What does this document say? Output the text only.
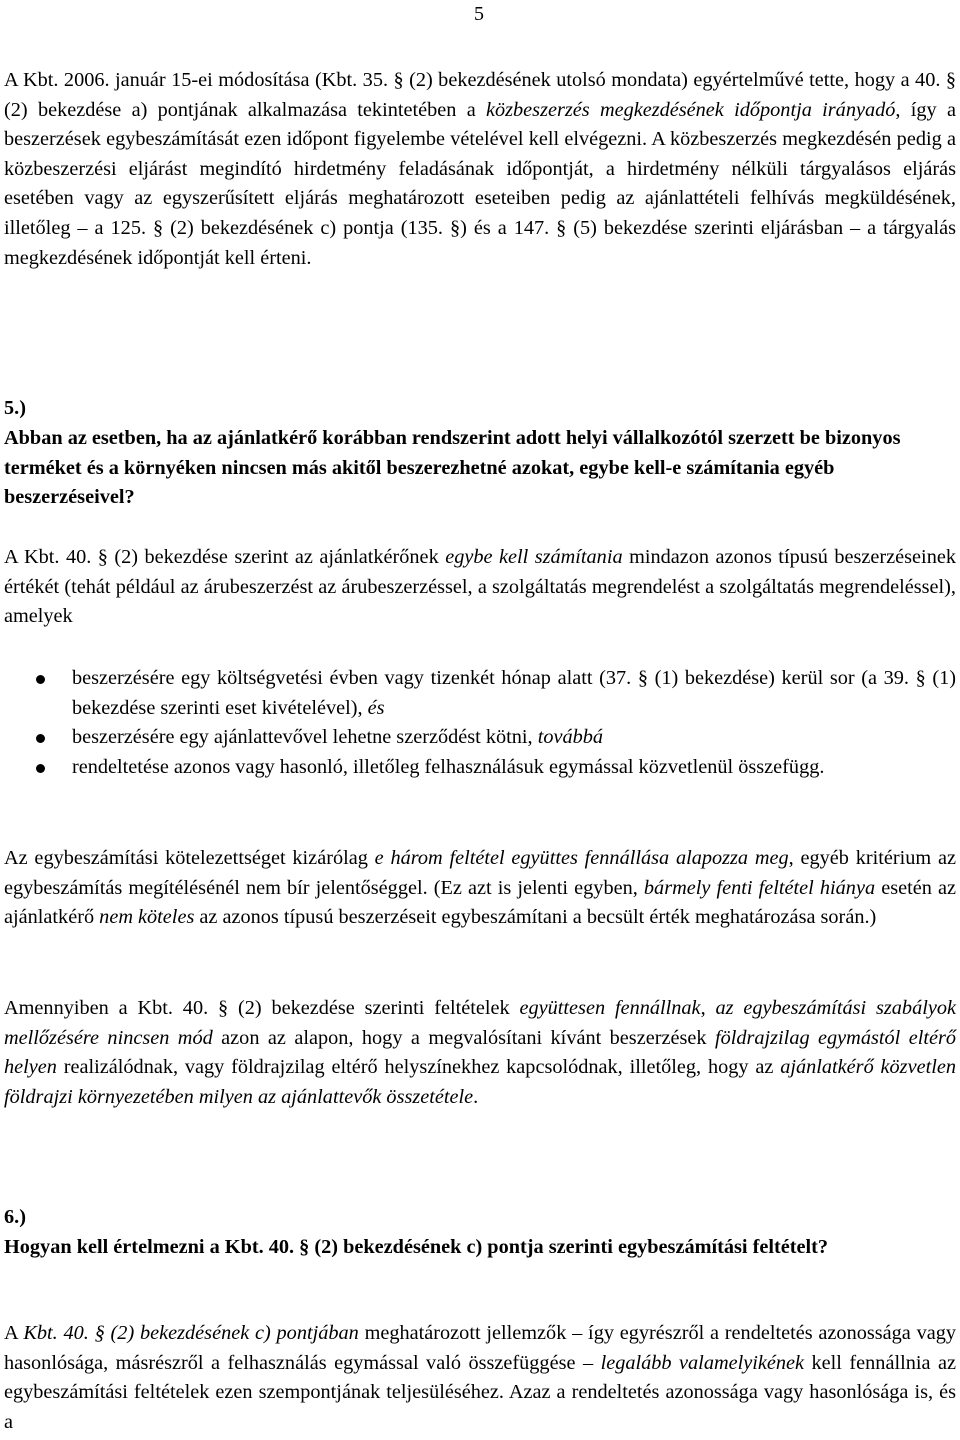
5

A Kbt. 2006. január 15-ei módosítása (Kbt. 35. § (2) bekezdésének utolsó mondata) egyértelművé tette, hogy a 40. § (2) bekezdése a) pontjának alkalmazása tekintetében a közbeszerzés megkezdésének időpontja irányadó, így a beszerzések egybeszámítását ezen időpont figyelembe vételével kell elvégezni. A közbeszerzés megkezdésén pedig a közbeszerzési eljárást megindító hirdetmény feladásának időpontját, a hirdetmény nélküli tárgyalásos eljárás esetében vagy az egyszerűsített eljárás meghatározott eseteiben pedig az ajánlattételi felhívás megküldésének, illetőleg – a 125. § (2) bekezdésének c) pontja (135. §) és a 147. § (5) bekezdése szerinti eljárásban – a tárgyalás megkezdésének időpontját kell érteni.

5.)

Abban az esetben, ha az ajánlatkérő korábban rendszerint adott helyi vállalkozótól szerzett be bizonyos terméket és a környéken nincsen más akitől beszerezhetné azokat, egybe kell-e számítania egyéb beszerzéseivel?

A Kbt. 40. § (2) bekezdése szerint az ajánlatkérőnek egybe kell számítania mindazon azonos típusú beszerzéseinek értékét (tehát például az árubeszerzést az árubeszerzéssel, a szolgáltatás megrendelést a szolgáltatás megrendeléssel), amelyek

beszerzésére egy költségvetési évben vagy tizenkét hónap alatt (37. § (1) bekezdése) kerül sor (a 39. § (1) bekezdése szerinti eset kivételével), és
beszerzésére egy ajánlattevővel lehetne szerződést kötni, továbbá
rendeltetése azonos vagy hasonló, illetőleg felhasználásuk egymással közvetlenül összefügg.

Az egybeszámítási kötelezettséget kizárólag e három feltétel együttes fennállása alapozza meg, egyéb kritérium az egybeszámítás megítélésénél nem bír jelentőséggel. (Ez azt is jelenti egyben, bármely fenti feltétel hiánya esetén az ajánlatkérő nem köteles az azonos típusú beszerzéseit egybeszámítani a becsült érték meghatározása során.)

Amennyiben a Kbt. 40. § (2) bekezdése szerinti feltételek együttesen fennállnak, az egybeszámítási szabályok mellőzésére nincsen mód azon az alapon, hogy a megvalósítani kívánt beszerzések földrajzilag egymástól eltérő helyen realizálódnak, vagy földrajzilag eltérő helyszínekhez kapcsolódnak, illetőleg, hogy az ajánlatkérő közvetlen földrajzi környezetében milyen az ajánlattevők összetétele.

6.)

Hogyan kell értelmezni a Kbt. 40. § (2) bekezdésének c) pontja szerinti egybeszámítási feltételt?

A Kbt. 40. § (2) bekezdésének c) pontjában meghatározott jellemzők – így egyrészről a rendeltetés azonossága vagy hasonlósága, másrészről a felhasználás egymással való összefüggése – legalább valamelyikének kell fennállnia az egybeszámítási feltételek ezen szempontjának teljesüléséhez. Azaz a rendeltetés azonossága vagy hasonlósága is, és a
